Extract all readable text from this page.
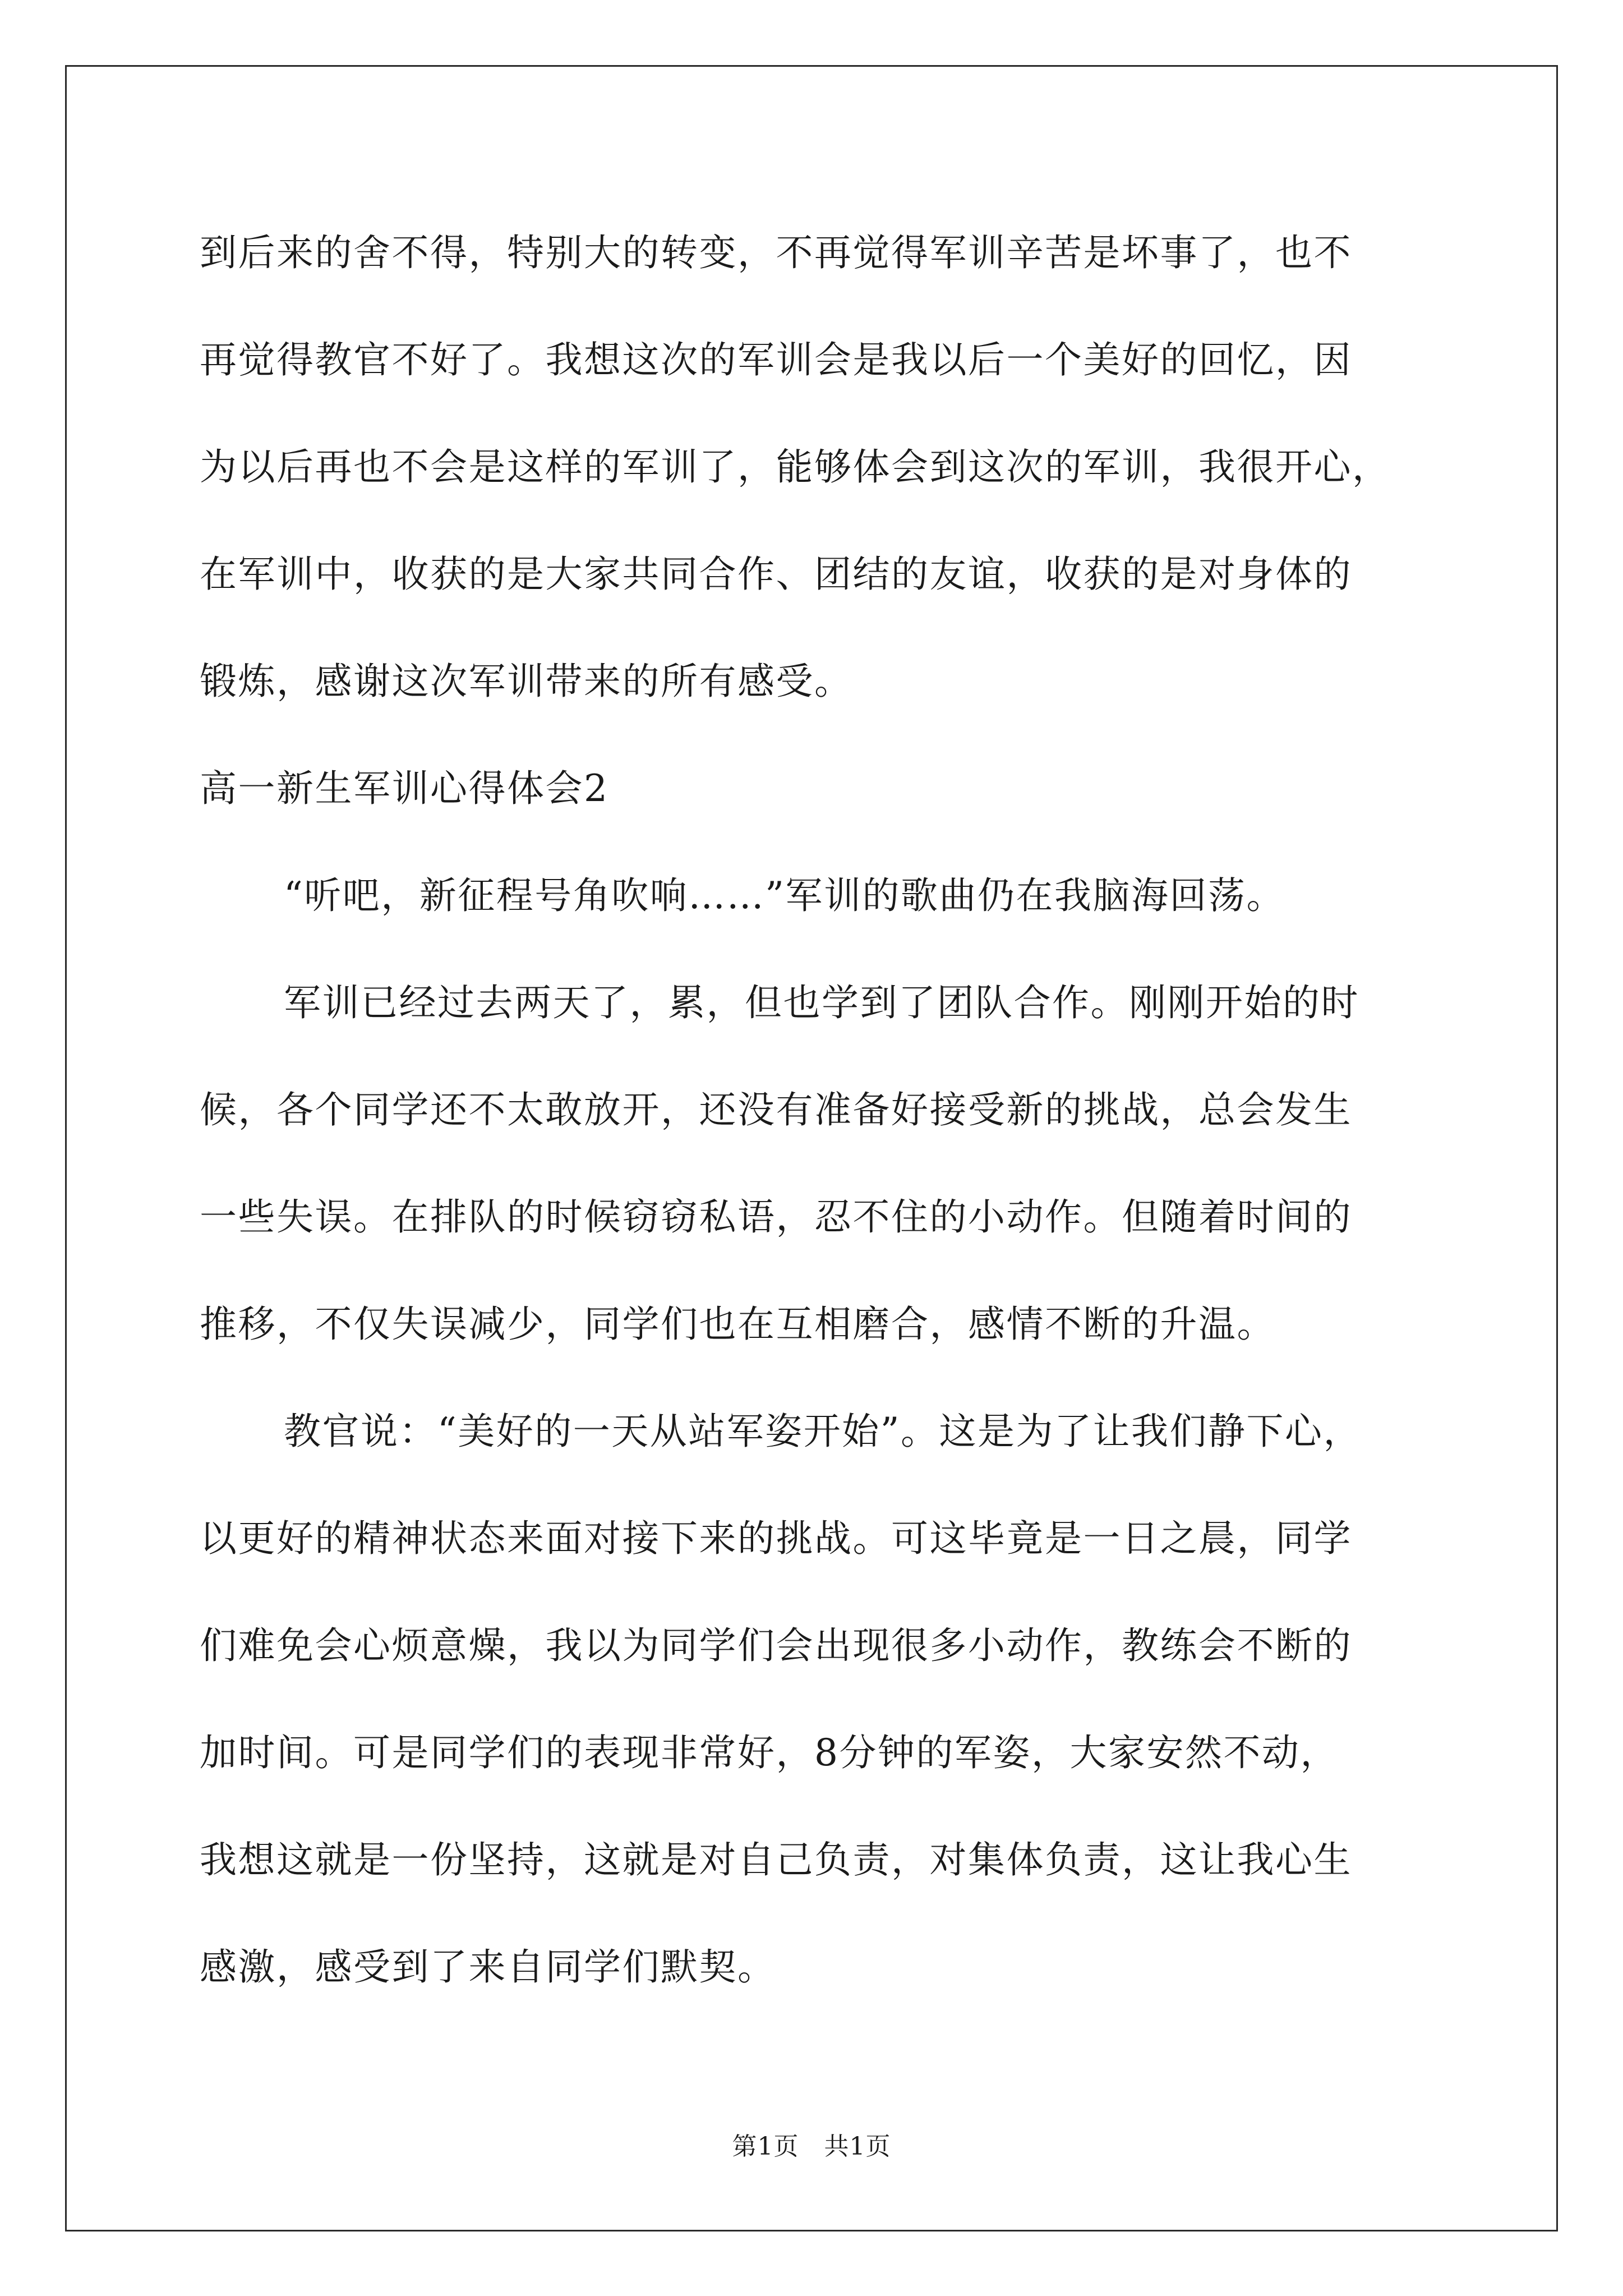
到后来的舍不得，特别大的转变，不再觉得军训辛苦是坏事了，也不
再觉得教官不好了。我想这次的军训会是我以后一个美好的回忆，因
为以后再也不会是这样的军训了，能够体会到这次的军训，我很开心，
在军训中，收获的是大家共同合作、团结的友谊，收获的是对身体的
锻炼，感谢这次军训带来的所有感受。
高一新生军训心得体会2
“听吧，新征程号角吹响……”军训的歌曲仍在我脑海回荡。
军训已经过去两天了，累，但也学到了团队合作。刚刚开始的时
候，各个同学还不太敢放开，还没有准备好接受新的挑战，总会发生
一些失误。在排队的时候窃窃私语，忍不住的小动作。但随着时间的
推移，不仅失误减少，同学们也在互相磨合，感情不断的升温。
教官说：“美好的一天从站军姿开始”。这是为了让我们静下心，
以更好的精神状态来面对接下来的挑战。可这毕竟是一日之晨，同学
们难免会心烦意燥，我以为同学们会出现很多小动作，教练会不断的
加时间。可是同学们的表现非常好，8分钟的军姿，大家安然不动，
我想这就是一份坚持，这就是对自己负责，对集体负责，这让我心生
感激，感受到了来自同学们默契。
第1页 共1页
